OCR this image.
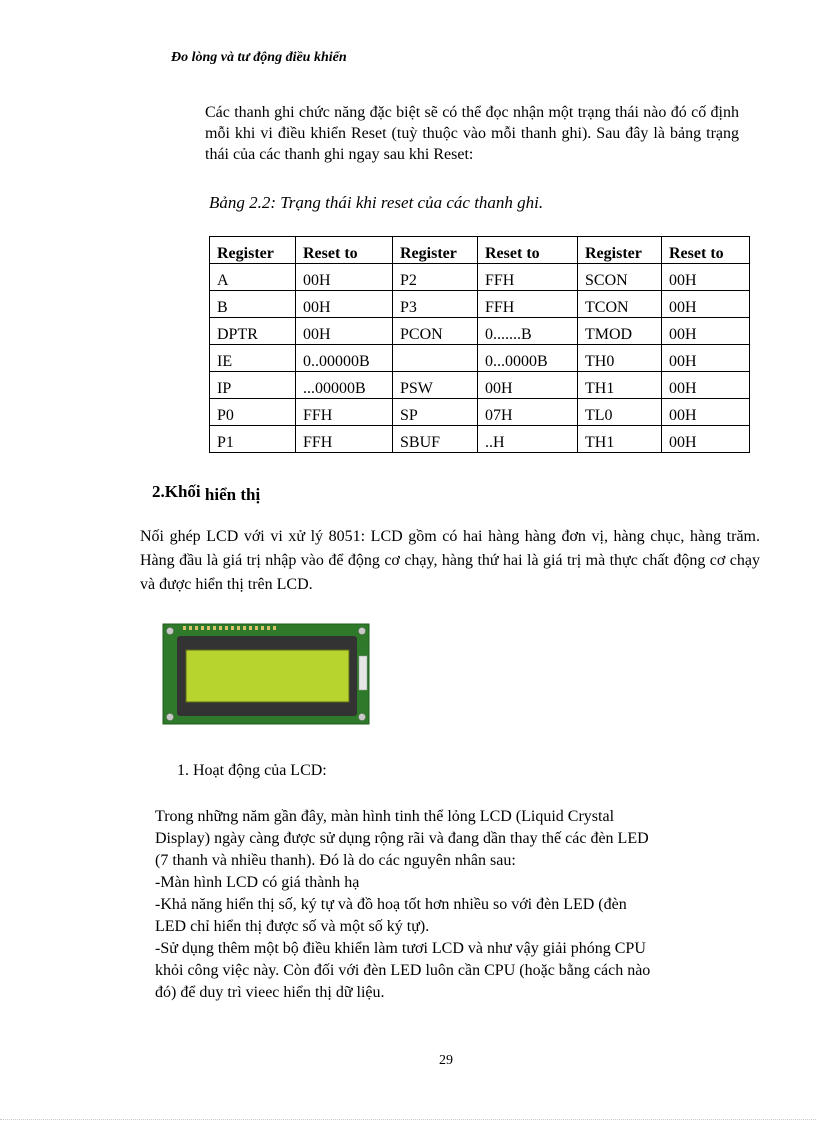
Đo lòng và tư động điều khiển
Các thanh ghi chức năng đặc biệt sẽ có thể đọc nhận một trạng thái nào đó cố định mỗi khi vi điều khiển Reset (tuỳ thuộc vào mỗi thanh ghi). Sau đây là bảng trạng thái của các thanh ghi ngay sau khi Reset:
Bảng 2.2: Trạng thái khi reset của các thanh ghi.
Register	Reset to	Register	Reset to	Register	Reset to
A	00H	P2	FFH	SCON	00H
B	00H	P3	FFH	TCON	00H
DPTR	00H	PCON	0.......B	TMOD	00H
IE	0..00000B		0...0000B	TH0	00H
IP	...00000B	PSW	00H	TH1	00H
P0	FFH	SP	07H	TL0	00H
P1	FFH	SBUF	..H	TH1	00H
2.Khối hiển thị
Nối ghép LCD với vi xử lý 8051: LCD gồm có hai hàng hàng đơn vị, hàng chục, hàng trăm. Hàng đầu là giá trị nhập vào để động cơ chạy, hàng thứ hai là giá trị mà thực chất động cơ chạy và được hiển thị trên LCD.
1. Hoạt động của LCD:
Trong những năm gần đây, màn hình tinh thể lỏng LCD (Liquid Crystal
Display) ngày càng được sử dụng rộng rãi và đang dần thay thế các đèn LED
(7 thanh và nhiều thanh). Đó là do các nguyên nhân sau:
-Màn hình LCD có giá thành hạ
-Khả năng hiển thị số, ký tự và đồ hoạ tốt hơn nhiều so với đèn LED (đèn
LED chỉ hiển thị được số và một số ký tự).
-Sử dụng thêm một bộ điều khiển làm tươi LCD và như vậy giải phóng CPU
khỏi công việc này. Còn đối với đèn LED luôn cần CPU (hoặc bằng cách nào
đó) để duy trì vieec hiển thị dữ liệu.
29
